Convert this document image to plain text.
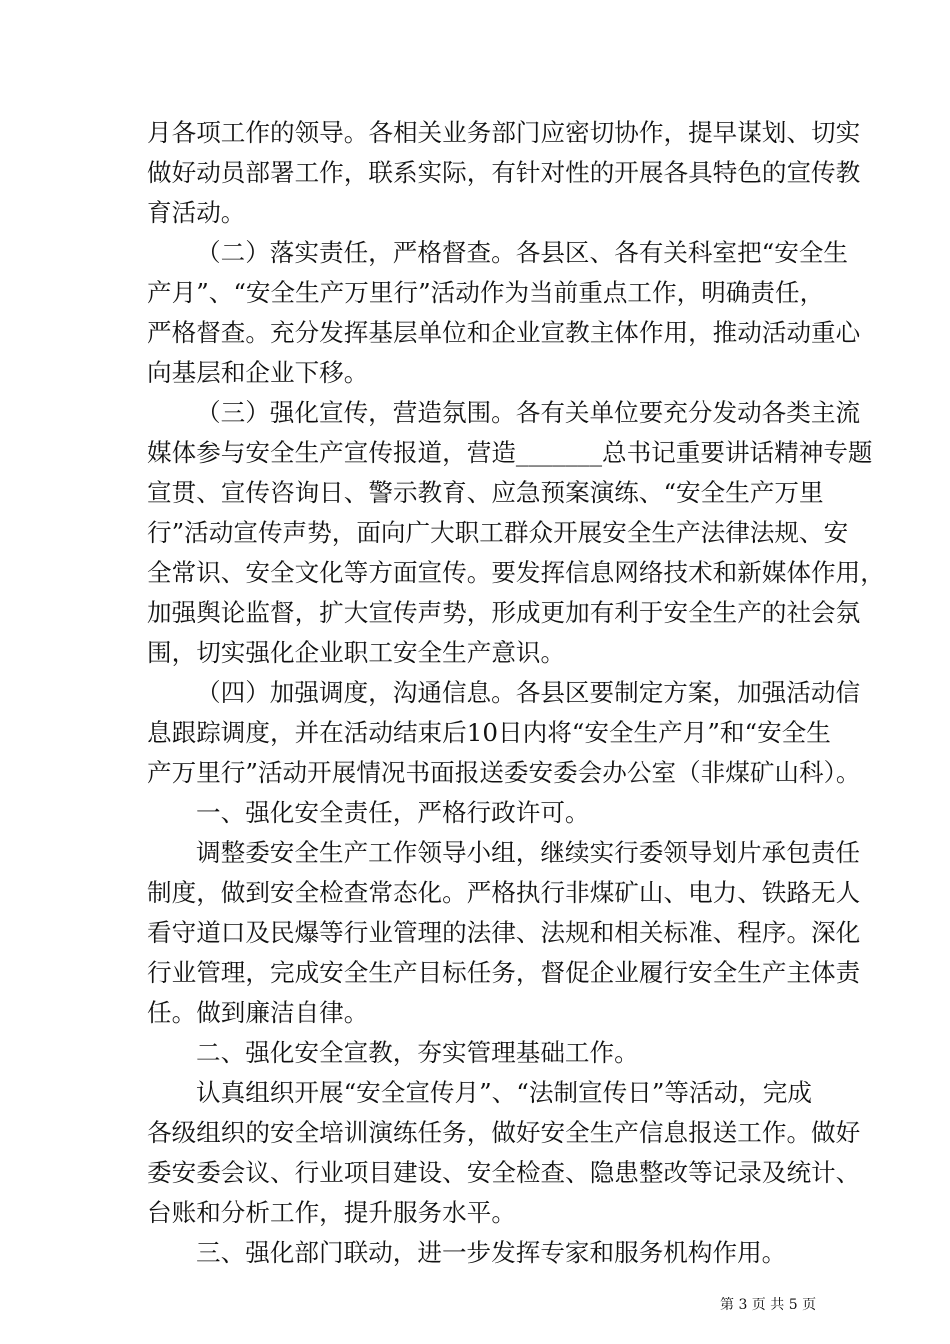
月各项工作的领导。各相关业务部门应密切协作，提早谋划、切实
做好动员部署工作，联系实际，有针对性的开展各具特色的宣传教
育活动。
（二）落实责任，严格督查。各县区、各有关科室把“安全生
产月”、“安全生产万里行”活动作为当前重点工作，明确责任，
严格督查。充分发挥基层单位和企业宣教主体作用，推动活动重心
向基层和企业下移。
（三）强化宣传，营造氛围。各有关单位要充分发动各类主流
媒体参与安全生产宣传报道，营造_______总书记重要讲话精神专题
宣贯、宣传咨询日、警示教育、应急预案演练、“安全生产万里
行”活动宣传声势，面向广大职工群众开展安全生产法律法规、安
全常识、安全文化等方面宣传。要发挥信息网络技术和新媒体作用，
加强舆论监督，扩大宣传声势，形成更加有利于安全生产的社会氛
围，切实强化企业职工安全生产意识。
（四）加强调度，沟通信息。各县区要制定方案，加强活动信
息跟踪调度，并在活动结束后10日内将“安全生产月”和“安全生
产万里行”活动开展情况书面报送委安委会办公室（非煤矿山科）。
一、强化安全责任，严格行政许可。
调整委安全生产工作领导小组，继续实行委领导划片承包责任
制度，做到安全检查常态化。严格执行非煤矿山、电力、铁路无人
看守道口及民爆等行业管理的法律、法规和相关标准、程序。深化
行业管理，完成安全生产目标任务，督促企业履行安全生产主体责
任。做到廉洁自律。
二、强化安全宣教，夯实管理基础工作。
认真组织开展“安全宣传月”、“法制宣传日”等活动，完成
各级组织的安全培训演练任务，做好安全生产信息报送工作。做好
委安委会议、行业项目建设、安全检查、隐患整改等记录及统计、
台账和分析工作，提升服务水平。
三、强化部门联动，进一步发挥专家和服务机构作用。
第 3 页 共 5 页
